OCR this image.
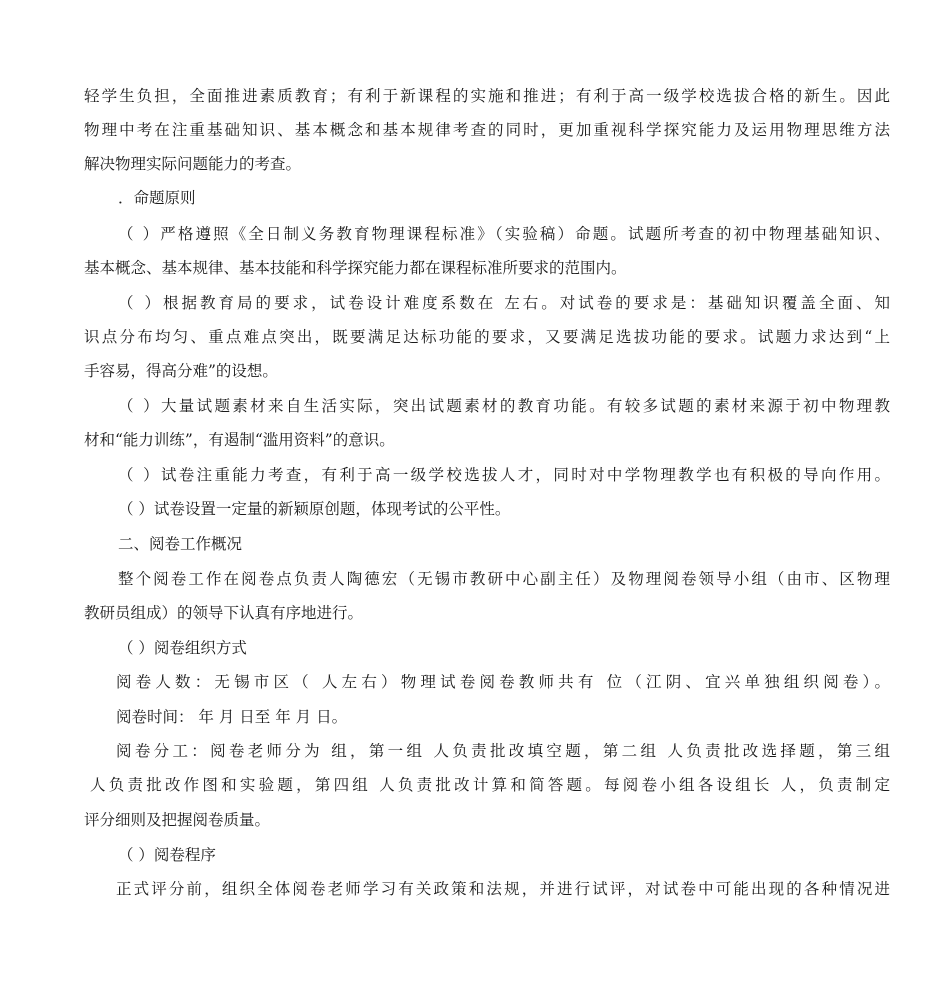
轻学生负担，全面推进素质教育；有利于新课程的实施和推进；有利于高一级学校选拔合格的新生。因此
物理中考在注重基础知识、基本概念和基本规律考查的同时，更加重视科学探究能力及运用物理思维方法
解决物理实际问题能力的考查。
．命题原则
（ ）严格遵照《全日制义务教育物理课程标准》（实验稿）命题。试题所考查的初中物理基础知识、
基本概念、基本规律、基本技能和科学探究能力都在课程标准所要求的范围内。
（ ）根据教育局的要求，试卷设计难度系数在 左右。对试卷的要求是：基础知识覆盖全面、知
识点分布均匀、重点难点突出，既要满足达标功能的要求，又要满足选拔功能的要求。试题力求达到“上
手容易，得高分难”的设想。
（ ）大量试题素材来自生活实际，突出试题素材的教育功能。有较多试题的素材来源于初中物理教
材和“能力训练”，有遏制“滥用资料”的意识。
（ ）试卷注重能力考查，有利于高一级学校选拔人才，同时对中学物理教学也有积极的导向作用。
（ ）试卷设置一定量的新颖原创题，体现考试的公平性。
二、阅卷工作概况
整个阅卷工作在阅卷点负责人陶德宏（无锡市教研中心副主任）及物理阅卷领导小组（由市、区物理
教研员组成）的领导下认真有序地进行。
（ ）阅卷组织方式
阅卷人数：无锡市区（ 人左右）物理试卷阅卷教师共有 位（江阴、宜兴单独组织阅卷）。
阅卷时间： 年 月 日至 年 月 日。
阅卷分工：阅卷老师分为 组，第一组 人负责批改填空题，第二组 人负责批改选择题，第三组
人负责批改作图和实验题，第四组 人负责批改计算和简答题。每阅卷小组各设组长 人，负责制定
评分细则及把握阅卷质量。
（ ）阅卷程序
正式评分前，组织全体阅卷老师学习有关政策和法规，并进行试评，对试卷中可能出现的各种情况进
